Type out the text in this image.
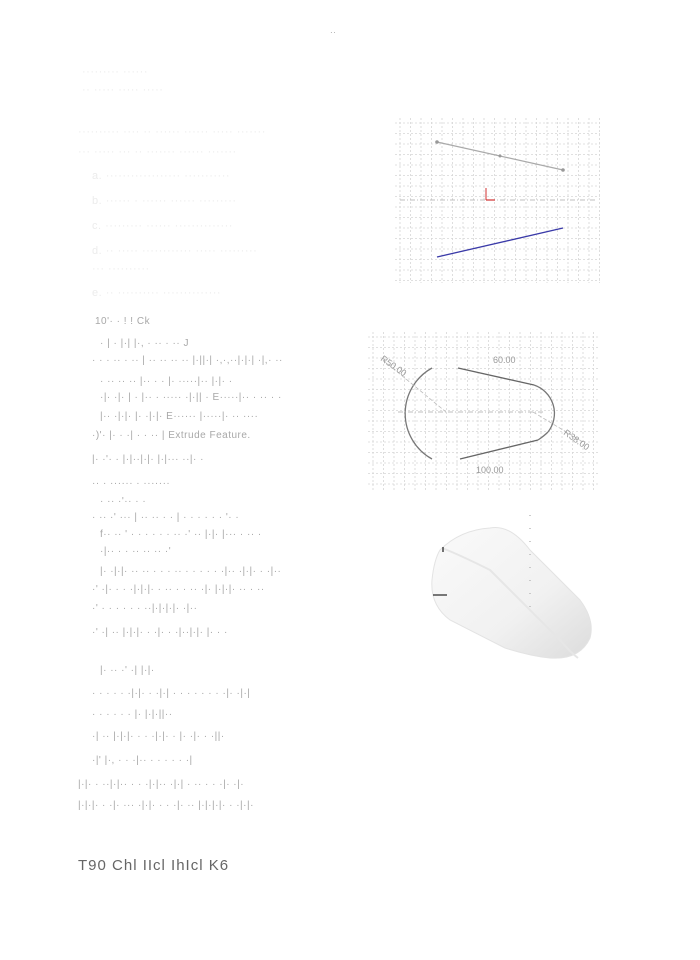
··
········· ······
·· ····· ····· ·····
·········· ···· ·· ······ ······ ····· ·······
··· ····· ··· ·· ······· ······ ·······
a. ·················· ···········
b. ······ · ······ ······ ·········
c. ········· ······ ··············
d. ·· ····· ············ ····· ·········
··· ··········
e. ·· ·········· ··············
10'· · ! ! Ck
· | · |·| |·, · ·· · ·· J
· · · ·· · ·· | ·· ·· ·· ·· |·||·| ·,·,··|·|·| ·|,· ··
· ·· ·· ·· |·· · · |· ·····|·· |·|· ·
·|· ·|· | · |·· · ····· ·|·|| · E·····|·· · ·· · ·
|·· ·|·|· |· ·|·|· E······ |·····|· ·· ····
·)'· |· · ·| · · ·· | Extrude Feature.
|· ·'· · |·|··|·|· |·|··· ··|· ·
·· · ······ · ·······
· ·· ·'·· · ·
· ·· ·' ··· | ·· ·· · · | · · · · · · '· ·
f·· ·· ' · · · · · · ·· ·' ·· |·|· |··· · ·· ·
·|·· · · ·· ·· ·· ·'
|· ·|·|· ·· ·· · · · ·· · · · · · ·|·· ·|·|· · ·|··
·' ·|· · · ·|·|·|· · ·· · · ·· ·|· |·|·|· ·· · ··
·' · · · · · · ··|·|·|·|· ·|··
·' ·| ·· |·|·|· · ·|· · ·|··|·|· |· · ·
|· ·· ·' ·| |·|·
· · · · · ·|·|· · ·|·| · · · · · · · ·|· ·|·|
· · · · · · |· |·|·||··
·| ·· |·|·|· · · ·|·|· · |· ·|· · ·||·
·|' |·, · · ·|·· · · · · · ·|
|·|· · ··|·|·· · · ·|·|·· ·|·| · ·· · · ·|· ·|·
|·|·|· · ·|· ··· ·|·|· · · ·|· ·· |·|·|·|· · ·|·|·
T90 Chl IIcl IhIcl K6
60.00
R50.00
R38.00
100.00
